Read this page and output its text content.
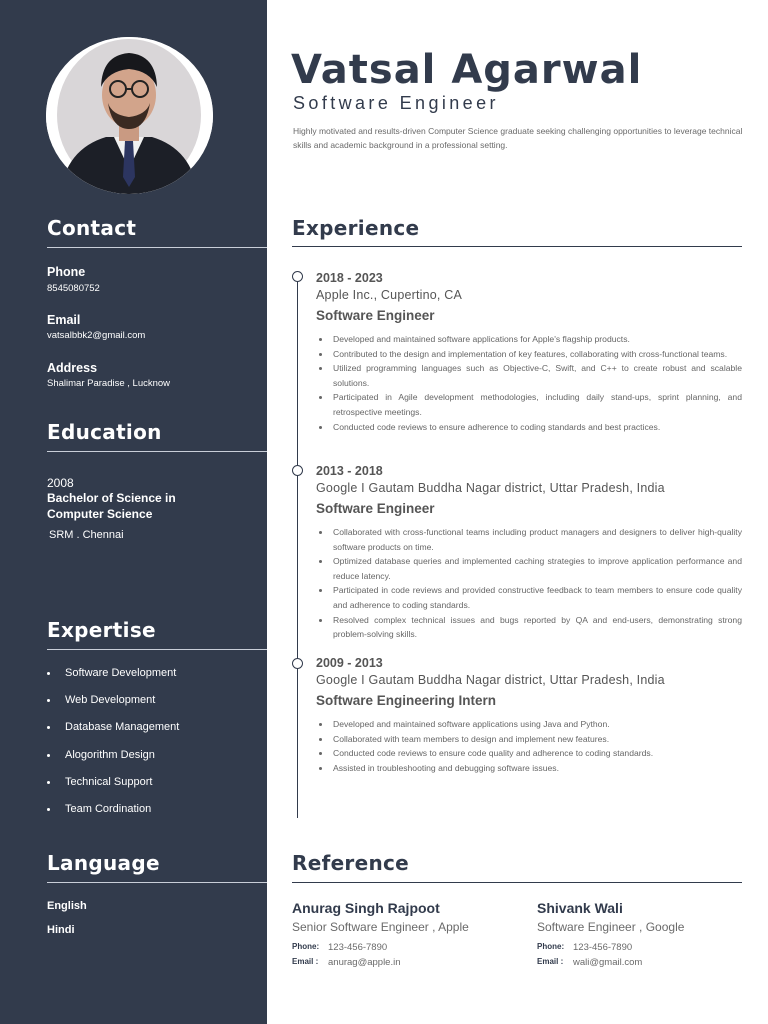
Contact
Phone
8545080752
Email
vatsalbbk2@gmail.com
Address
Shalimar Paradise , Lucknow
Education
2008
Bachelor of Science in Computer Science
SRM . Chennai
Expertise
Software Development
Web Development
Database Management
Alogorithm Design
Technical Support
Team Cordination
Language
English
Hindi
Vatsal Agarwal
Software Engineer
Highly motivated and results-driven Computer Science graduate seeking challenging opportunities to leverage technical skills and academic background in a professional setting.
Experience
2018 - 2023
Apple Inc., Cupertino, CA
Software Engineer
Developed and maintained software applications for Apple's flagship products.
Contributed to the design and implementation of key features, collaborating with cross-functional teams.
Utilized programming languages such as Objective-C, Swift, and C++ to create robust and scalable solutions.
Participated in Agile development methodologies, including daily stand-ups, sprint planning, and retrospective meetings.
Conducted code reviews to ensure adherence to coding standards and best practices.
2013 - 2018
Google I Gautam Buddha Nagar district, Uttar Pradesh, India
Software Engineer
Collaborated with cross-functional teams including product managers and designers to deliver high-quality software products on time.
Optimized database queries and implemented caching strategies to improve application performance and reduce latency.
Participated in code reviews and provided constructive feedback to team members to ensure code quality and adherence to coding standards.
Resolved complex technical issues and bugs reported by QA and end-users, demonstrating strong problem-solving skills.
2009 - 2013
Google I Gautam Buddha Nagar district, Uttar Pradesh, India
Software Engineering Intern
Developed and maintained software applications using Java and Python.
Collaborated with team members to design and implement new features.
Conducted code reviews to ensure code quality and adherence to coding standards.
Assisted in troubleshooting and debugging software issues.
Reference
Anurag Singh Rajpoot
Senior Software Engineer , Apple
Phone: 123-456-7890
Email :	anurag@apple.in
Shivank Wali
Software Engineer , Google
Phone: 123-456-7890
Email :	wali@gmail.com
